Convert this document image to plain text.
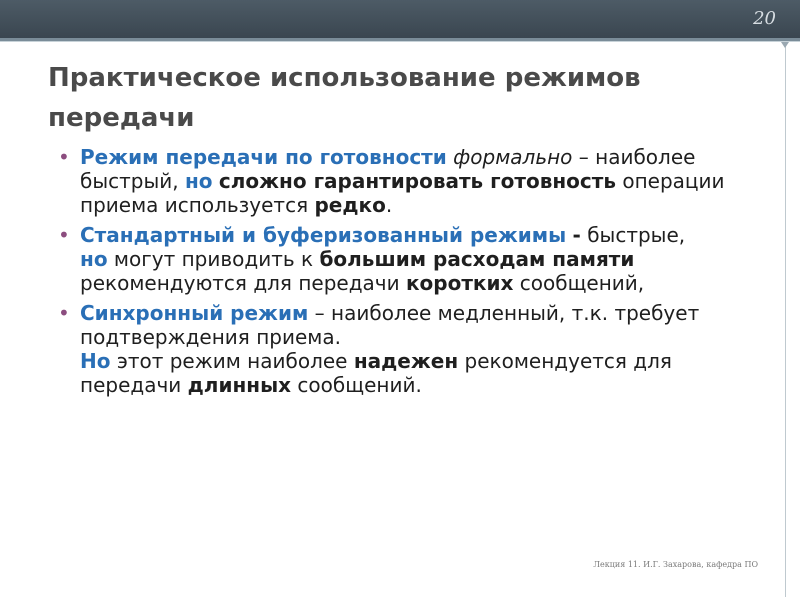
20
Практическое использование режимов передачи
• Режим передачи по готовности формально – наиболее быстрый, но сложно гарантировать готовность операции приема используется редко.
• Стандартный и буферизованный режимы - быстрые,
но могут приводить к большим расходам памяти рекомендуются для передачи коротких сообщений,
• Синхронный режим – наиболее медленный, т.к. требует подтверждения приема.
Но этот режим наиболее надежен рекомендуется для передачи длинных сообщений.
Лекция 11. И.Г. Захарова, кафедра ПО
